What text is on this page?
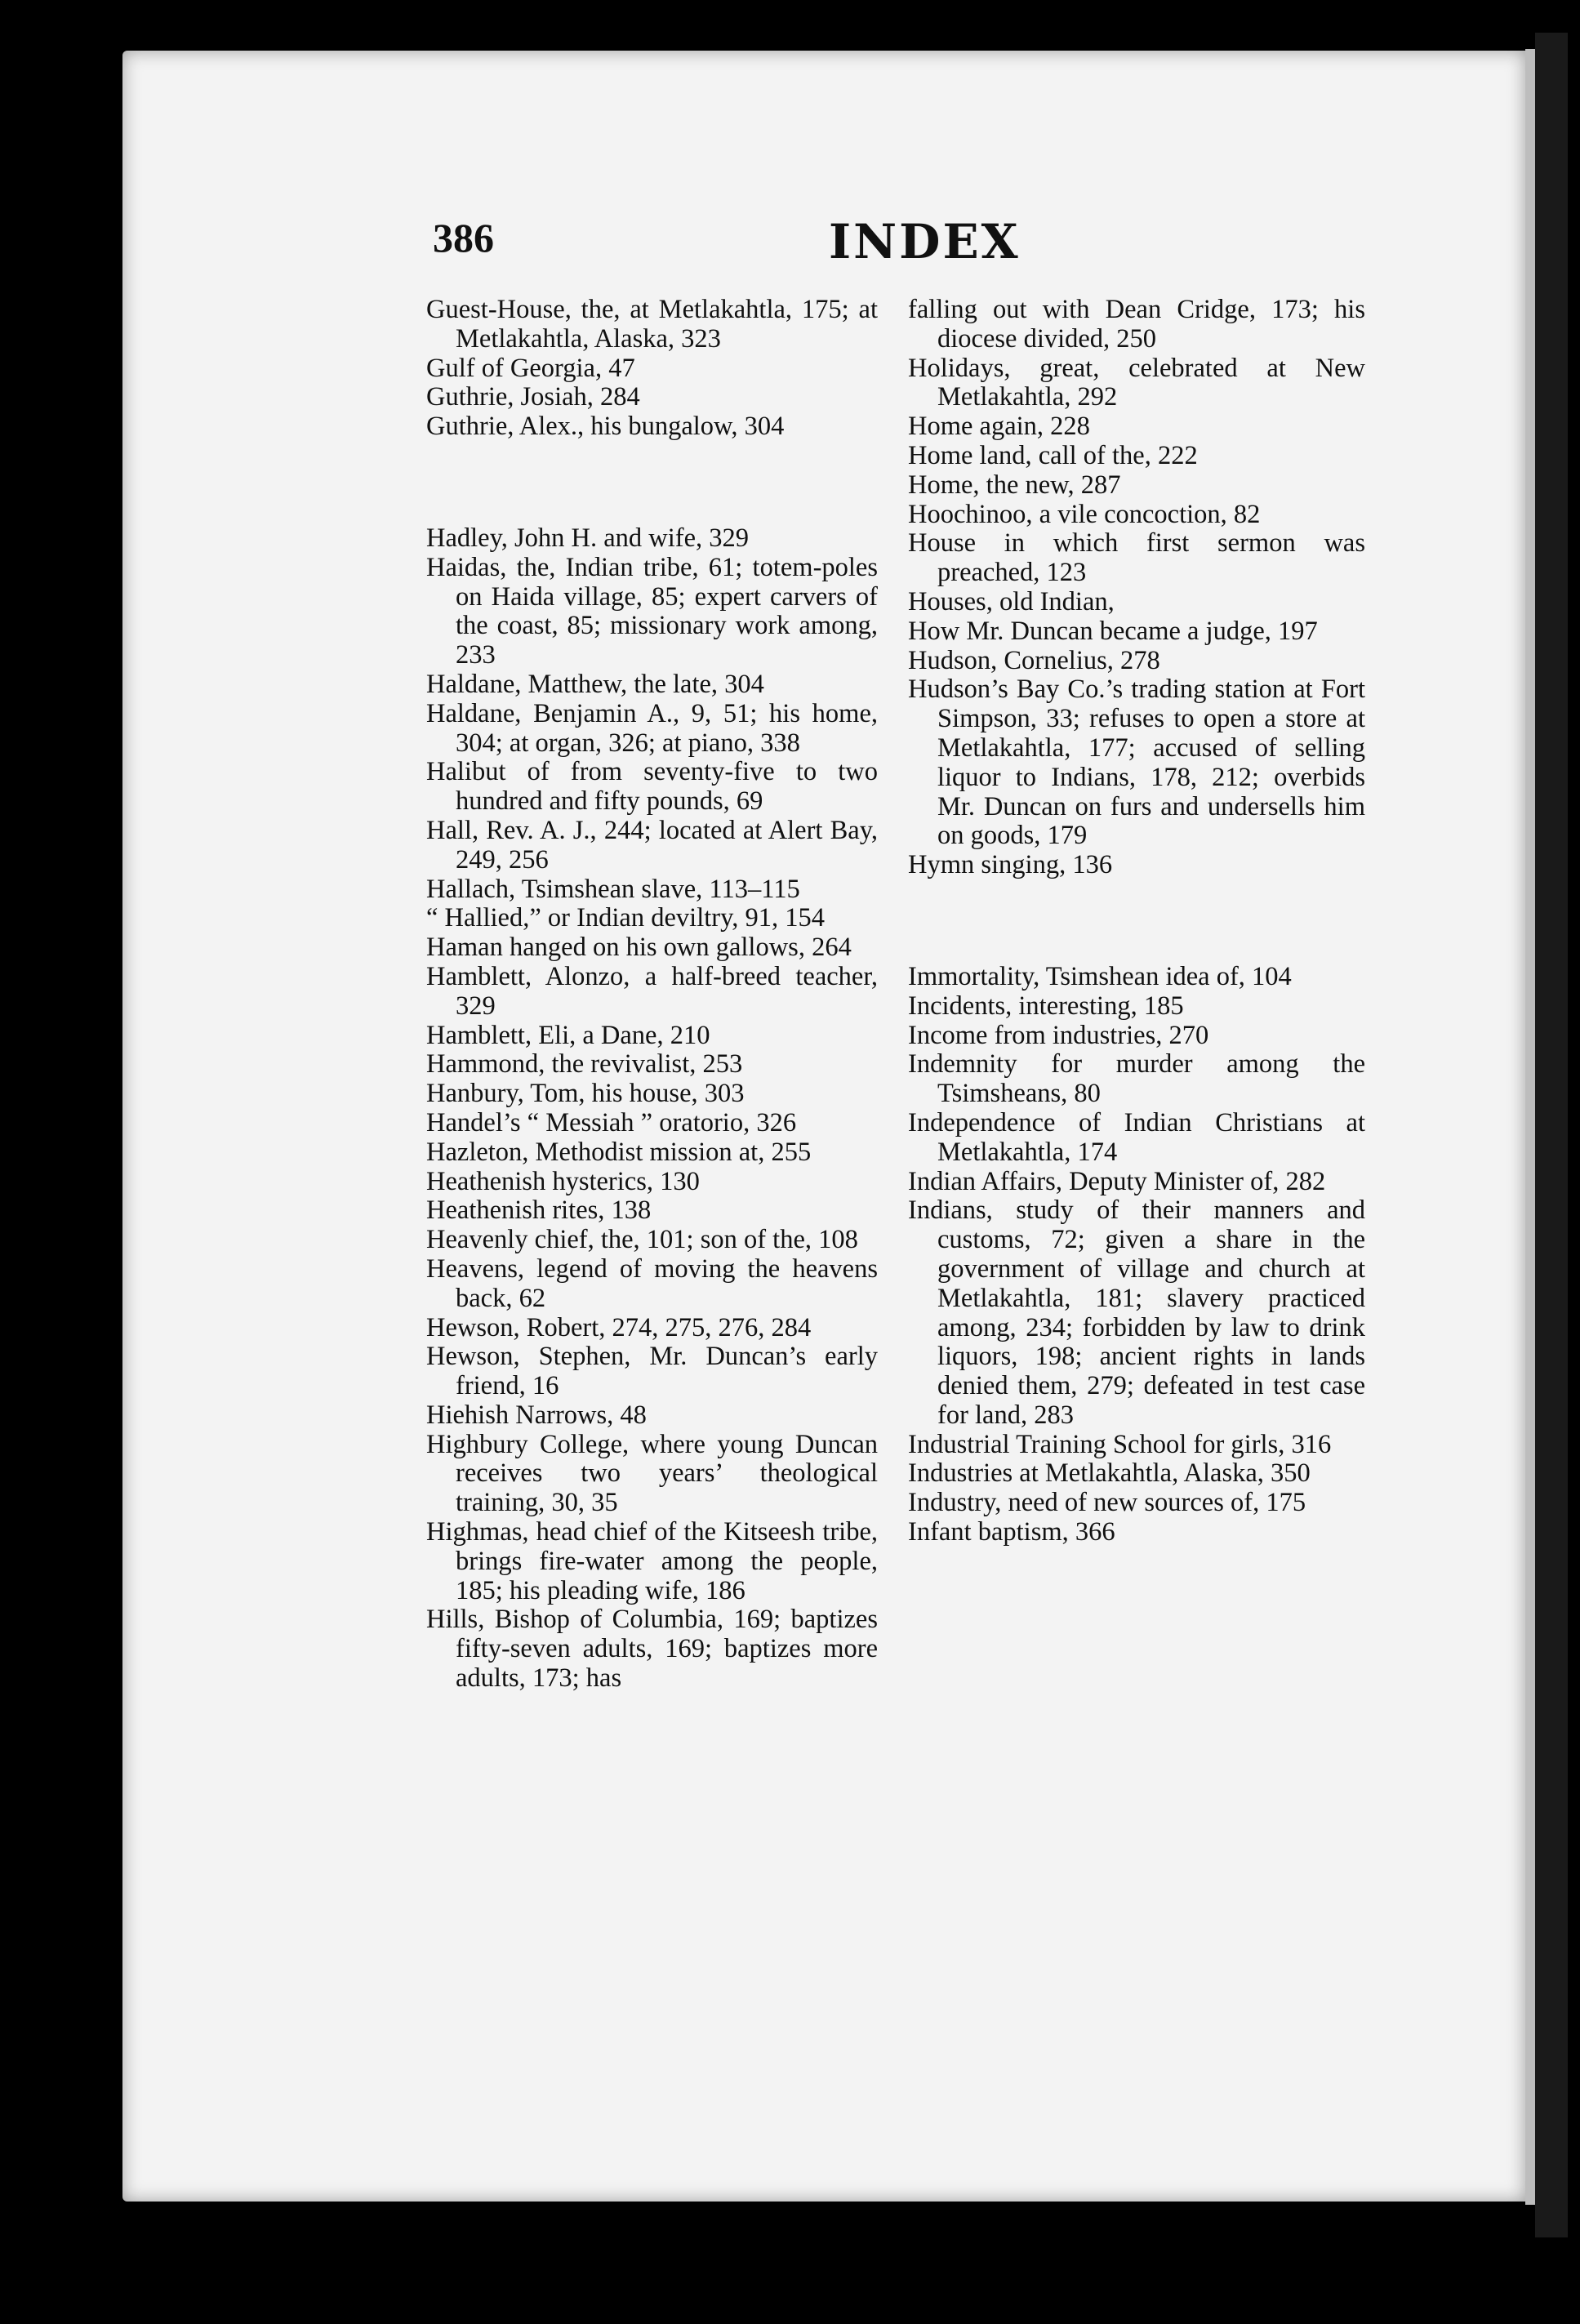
386	INDEX

Guest-House, the, at Metlakahtla, 175; at Metlakahtla, Alaska, 323

Gulf of Georgia, 47

Guthrie, Josiah, 284

Guthrie, Alex., his bungalow, 304

Hadley, John H. and wife, 329

Haidas, the, Indian tribe, 61; totem-poles on Haida village, 85; expert carvers of the coast, 85; missionary work among, 233

Haldane, Matthew, the late, 304

Haldane, Benjamin A., 9, 51; his home, 304; at organ, 326; at piano, 338

Halibut of from seventy-five to two hundred and fifty pounds, 69

Hall, Rev. A. J., 244; located at Alert Bay, 249, 256

Hallach, Tsimshean slave, 113–115

“ Hallied,” or Indian deviltry, 91, 154

Haman hanged on his own gallows, 264

Hamblett, Alonzo, a half-breed teacher, 329

Hamblett, Eli, a Dane, 210

Hammond, the revivalist, 253

Hanbury, Tom, his house, 303

Handel’s “ Messiah ” oratorio, 326

Hazleton, Methodist mission at, 255

Heathenish hysterics, 130

Heathenish rites, 138

Heavenly chief, the, 101; son of the, 108

Heavens, legend of moving the heavens back, 62

Hewson, Robert, 274, 275, 276, 284

Hewson, Stephen, Mr. Duncan’s early friend, 16

Hiehish Narrows, 48

Highbury College, where young Duncan receives two years’ theological training, 30, 35

Highmas, head chief of the Kitseesh tribe, brings fire-water among the people, 185; his pleading wife, 186

Hills, Bishop of Columbia, 169; baptizes fifty-seven adults, 169; baptizes more adults, 173; has

falling out with Dean Cridge, 173; his diocese divided, 250

Holidays, great, celebrated at New Metlakahtla, 292

Home again, 228

Home land, call of the, 222

Home, the new, 287

Hoochinoo, a vile concoction, 82

House in which first sermon was preached, 123

Houses, old Indian,

How Mr. Duncan became a judge, 197

Hudson, Cornelius, 278

Hudson’s Bay Co.’s trading station at Fort Simpson, 33; refuses to open a store at Metlakahtla, 177; accused of selling liquor to Indians, 178, 212; overbids Mr. Duncan on furs and undersells him on goods, 179

Hymn singing, 136

Immortality, Tsimshean idea of, 104

Incidents, interesting, 185

Income from industries, 270

Indemnity for murder among the Tsimsheans, 80

Independence of Indian Christians at Metlakahtla, 174

Indian Affairs, Deputy Minister of, 282

Indians, study of their manners and customs, 72; given a share in the government of village and church at Metlakahtla, 181; slavery practiced among, 234; forbidden by law to drink liquors, 198; ancient rights in lands denied them, 279; defeated in test case for land, 283

Industrial Training School for girls, 316

Industries at Metlakahtla, Alaska, 350

Industry, need of new sources of, 175

Infant baptism, 366
